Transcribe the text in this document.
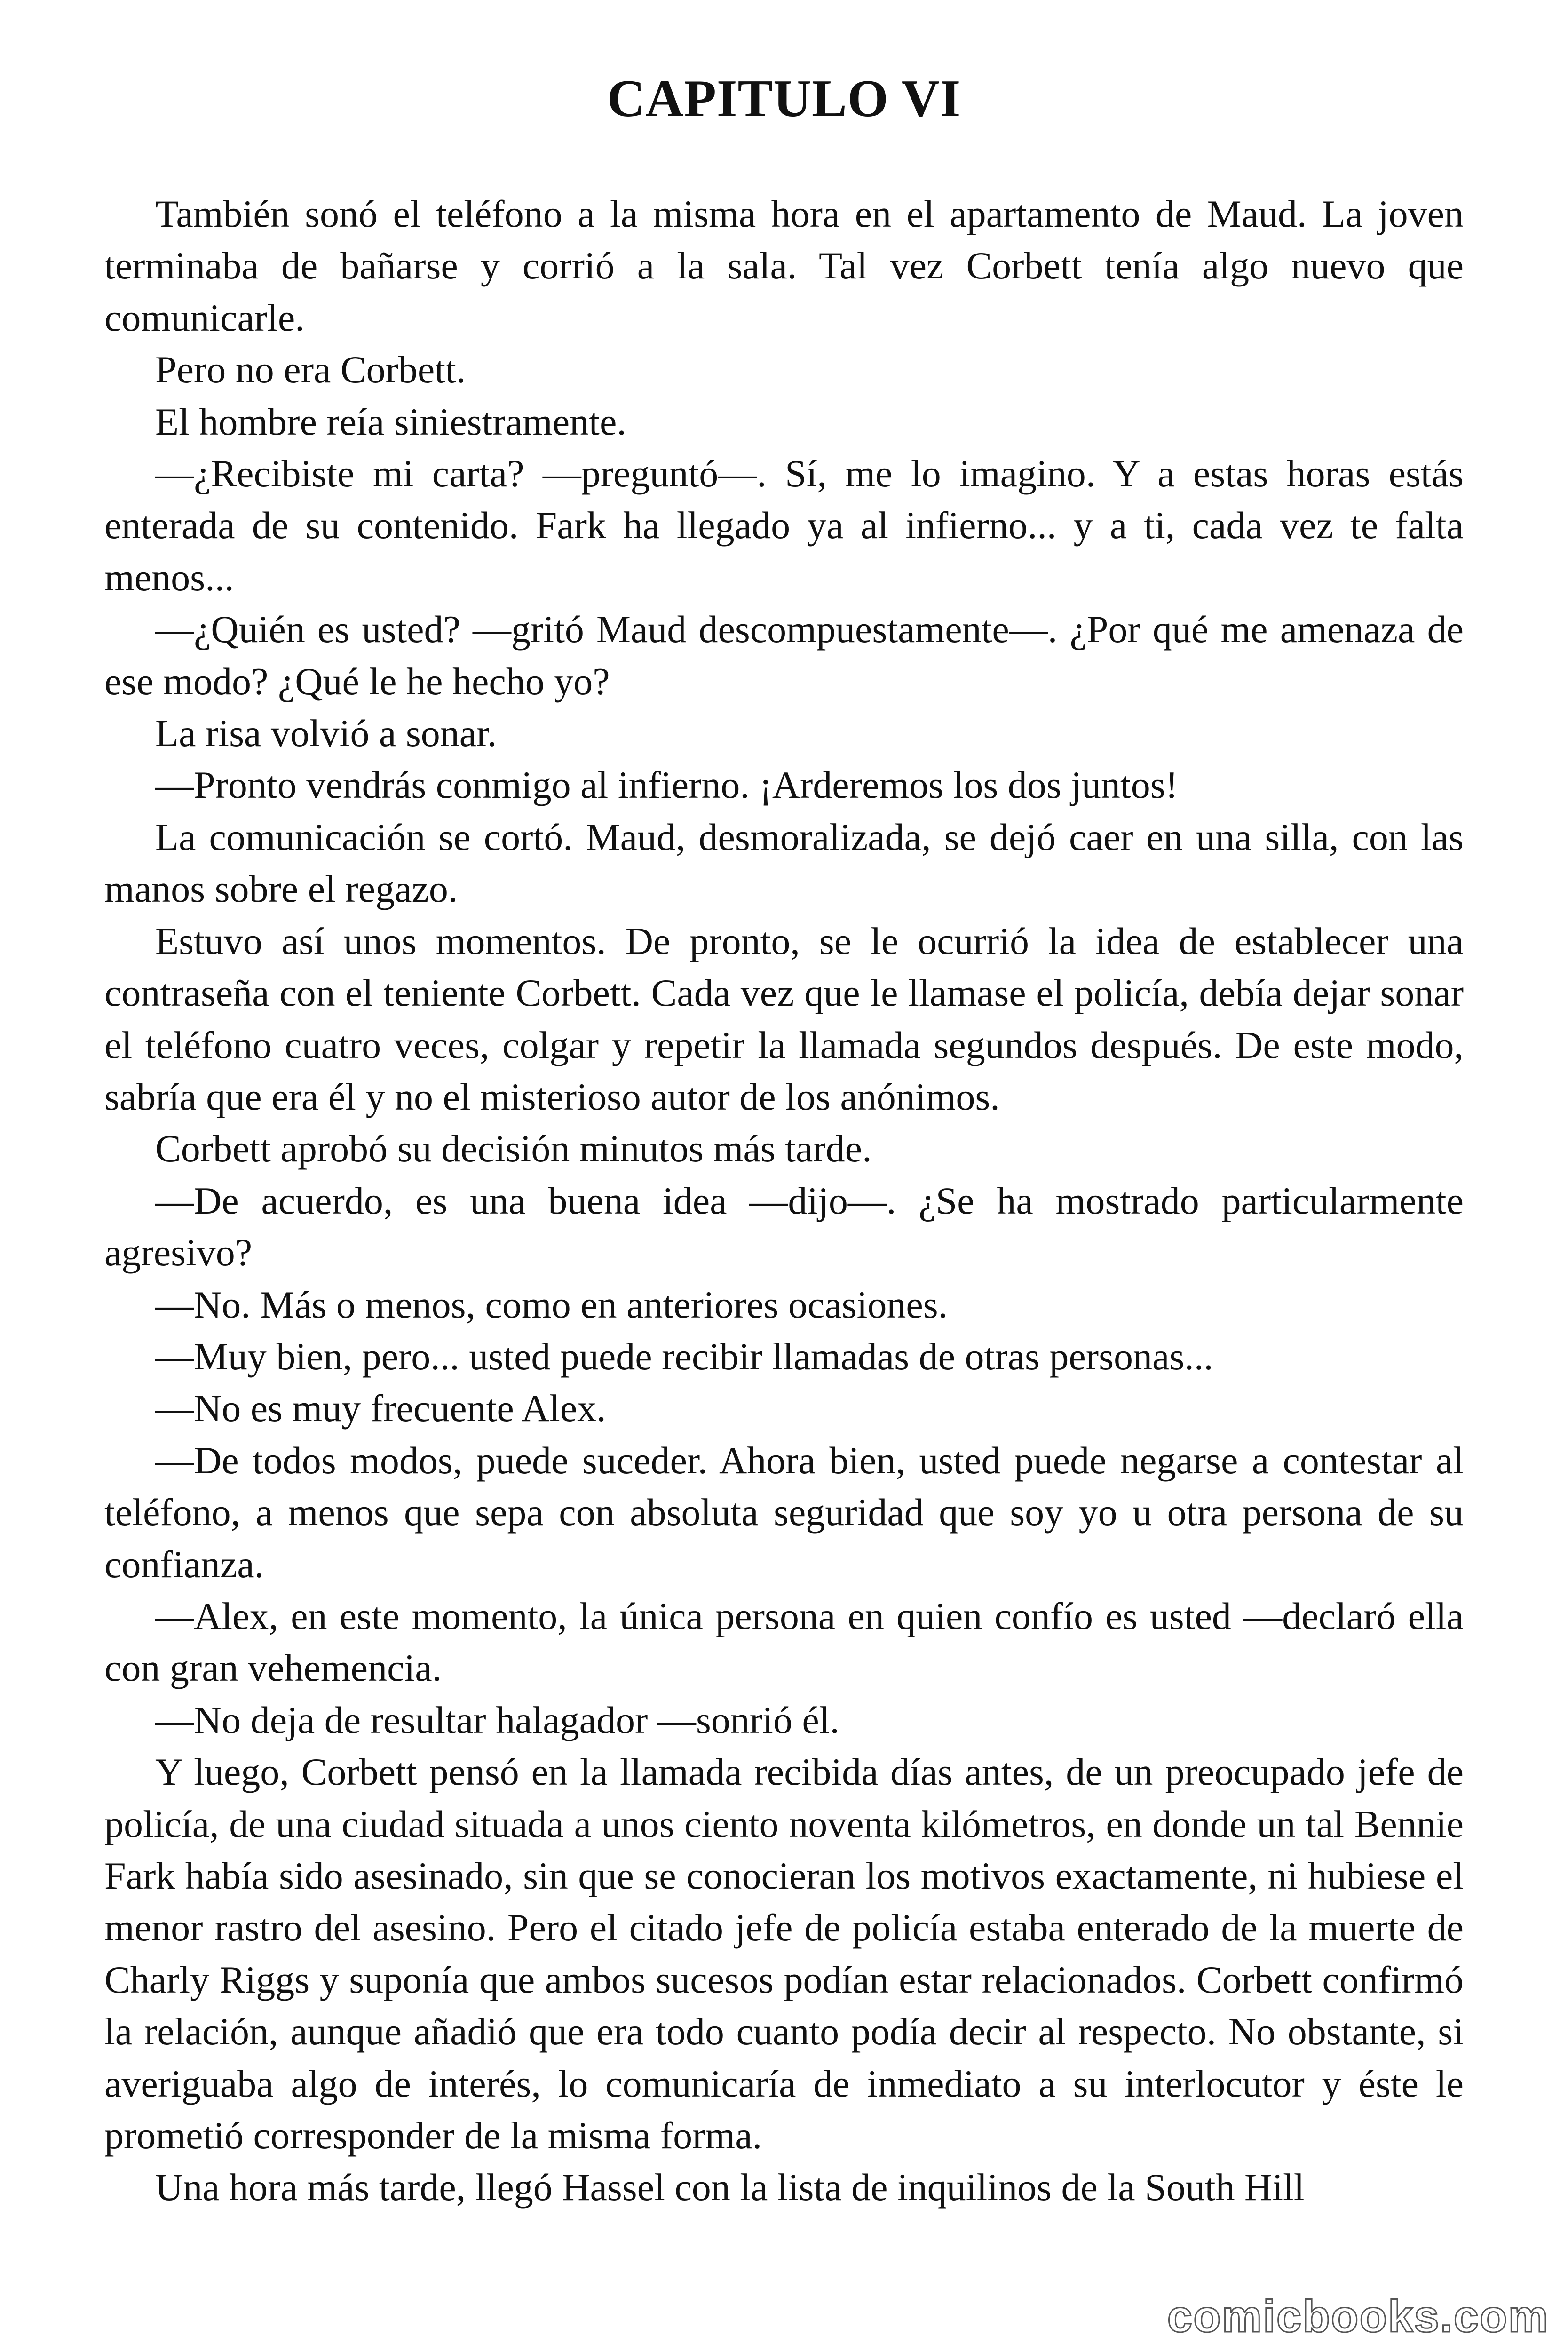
CAPITULO VI

También sonó el teléfono a la misma hora en el apartamento de Maud. La joven terminaba de bañarse y corrió a la sala. Tal vez Corbett tenía algo nuevo que comunicarle.

Pero no era Corbett.

El hombre reía siniestramente.

—¿Recibiste mi carta? —preguntó—. Sí, me lo imagino. Y a estas horas estás enterada de su contenido. Fark ha llegado ya al infierno... y a ti, cada vez te falta menos...

—¿Quién es usted? —gritó Maud descompuestamente—. ¿Por qué me amenaza de ese modo? ¿Qué le he hecho yo?

La risa volvió a sonar.

—Pronto vendrás conmigo al infierno. ¡Arderemos los dos juntos!

La comunicación se cortó. Maud, desmoralizada, se dejó caer en una silla, con las manos sobre el regazo.

Estuvo así unos momentos. De pronto, se le ocurrió la idea de establecer una contraseña con el teniente Corbett. Cada vez que le llamase el policía, debía dejar sonar el teléfono cuatro veces, colgar y repetir la llamada segundos después. De este modo, sabría que era él y no el misterioso autor de los anónimos.

Corbett aprobó su decisión minutos más tarde.

—De acuerdo, es una buena idea —dijo—. ¿Se ha mostrado particularmente agresivo?

—No. Más o menos, como en anteriores ocasiones.

—Muy bien, pero... usted puede recibir llamadas de otras personas...

—No es muy frecuente Alex.

—De todos modos, puede suceder. Ahora bien, usted puede negarse a contestar al teléfono, a menos que sepa con absoluta seguridad que soy yo u otra persona de su confianza.

—Alex, en este momento, la única persona en quien confío es usted —declaró ella con gran vehemencia.

—No deja de resultar halagador —sonrió él.

Y luego, Corbett pensó en la llamada recibida días antes, de un preocupado jefe de policía, de una ciudad situada a unos ciento noventa kilómetros, en donde un tal Bennie Fark había sido asesinado, sin que se conocieran los motivos exactamente, ni hubiese el menor rastro del asesino. Pero el citado jefe de policía estaba enterado de la muerte de Charly Riggs y suponía que ambos sucesos podían estar relacionados. Corbett confirmó la relación, aunque añadió que era todo cuanto podía decir al respecto. No obstante, si averiguaba algo de interés, lo comunicaría de inmediato a su interlocutor y éste le prometió corresponder de la misma forma.

Una hora más tarde, llegó Hassel con la lista de inquilinos de la South Hill

comicbooks.com
